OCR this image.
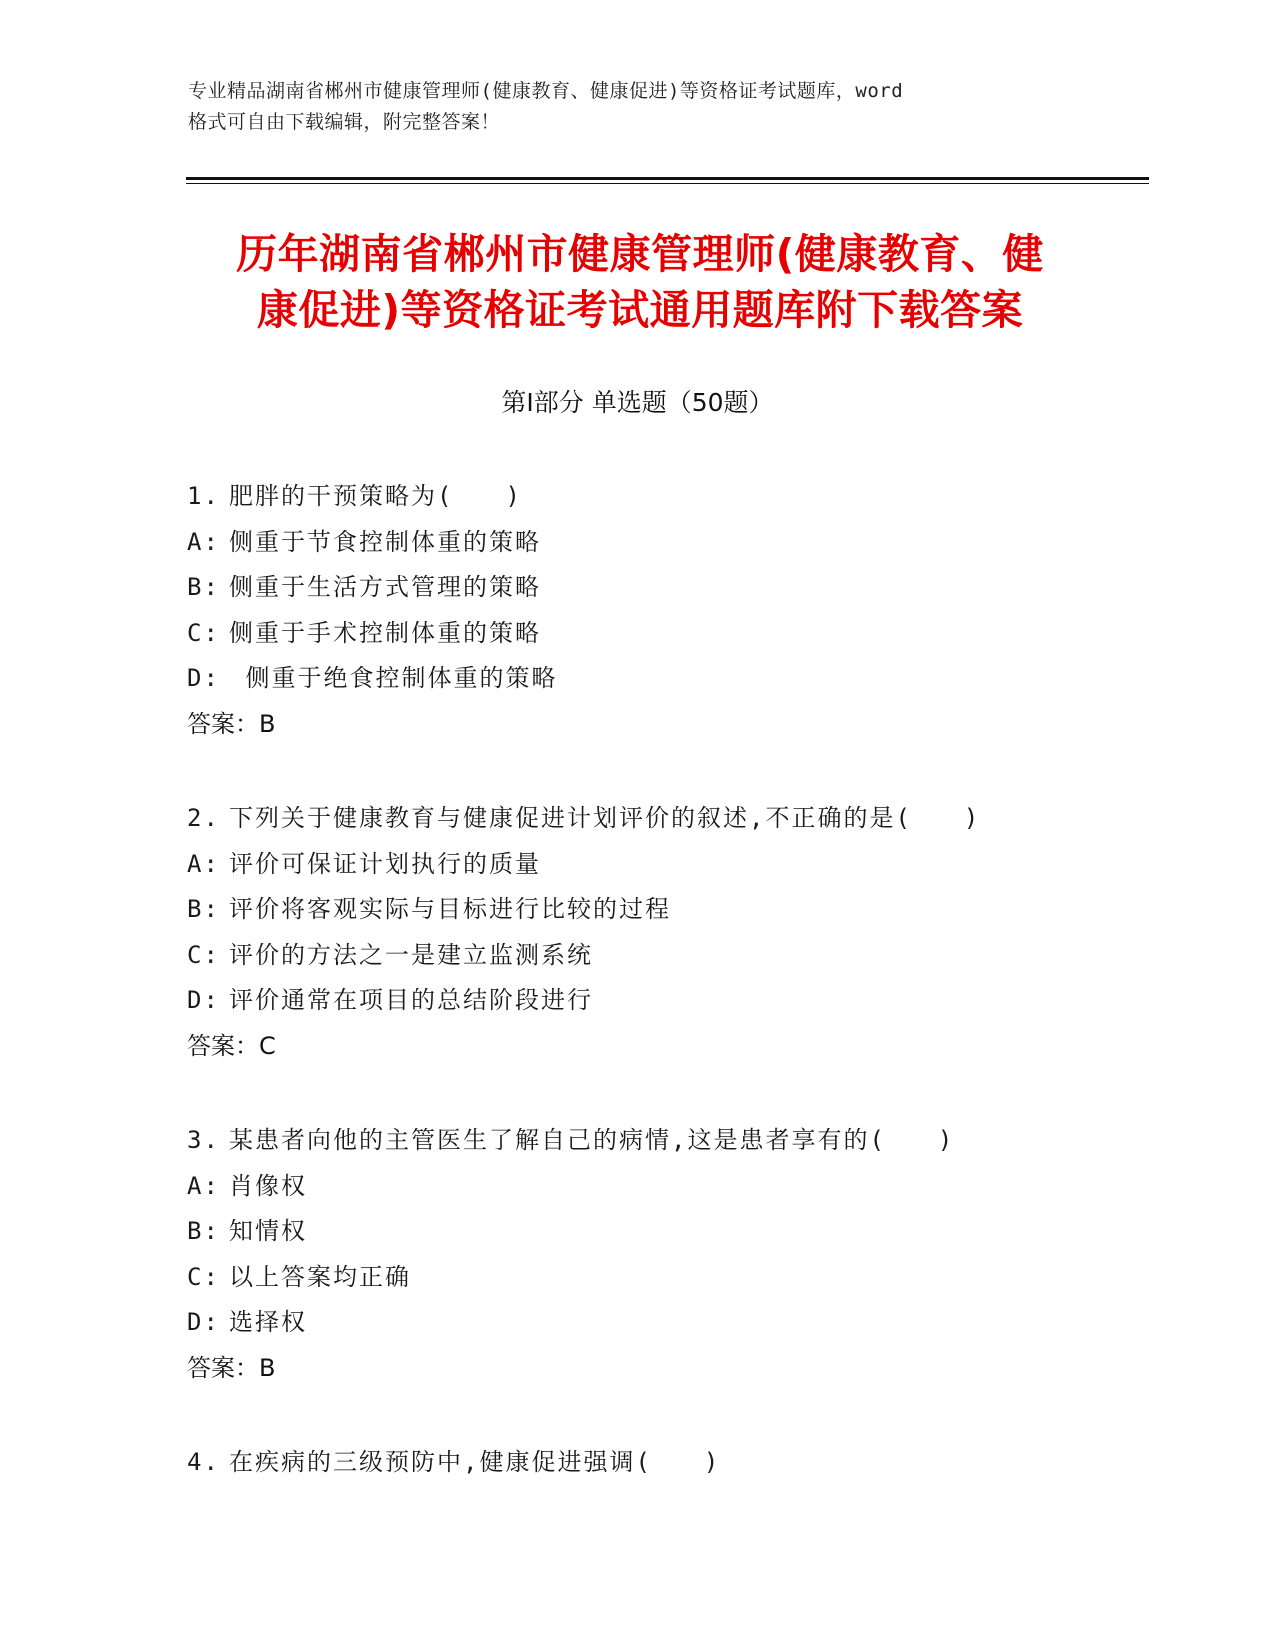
专业精品湖南省郴州市健康管理师(健康教育、健康促进)等资格证考试题库，word
格式可自由下载编辑，附完整答案！
历年湖南省郴州市健康管理师(健康教育、健
康促进)等资格证考试通用题库附下载答案
第Ⅰ部分 单选题（50题）
1. 肥胖的干预策略为(　　)
A: 侧重于节食控制体重的策略
B: 侧重于生活方式管理的策略
C: 侧重于手术控制体重的策略
D: 侧重于绝食控制体重的策略
答案：B
2. 下列关于健康教育与健康促进计划评价的叙述,不正确的是(　　)
A: 评价可保证计划执行的质量
B: 评价将客观实际与目标进行比较的过程
C: 评价的方法之一是建立监测系统
D: 评价通常在项目的总结阶段进行
答案：C
3. 某患者向他的主管医生了解自己的病情,这是患者享有的(　　)
A: 肖像权
B: 知情权
C: 以上答案均正确
D: 选择权
答案：B
4. 在疾病的三级预防中,健康促进强调(　　)
